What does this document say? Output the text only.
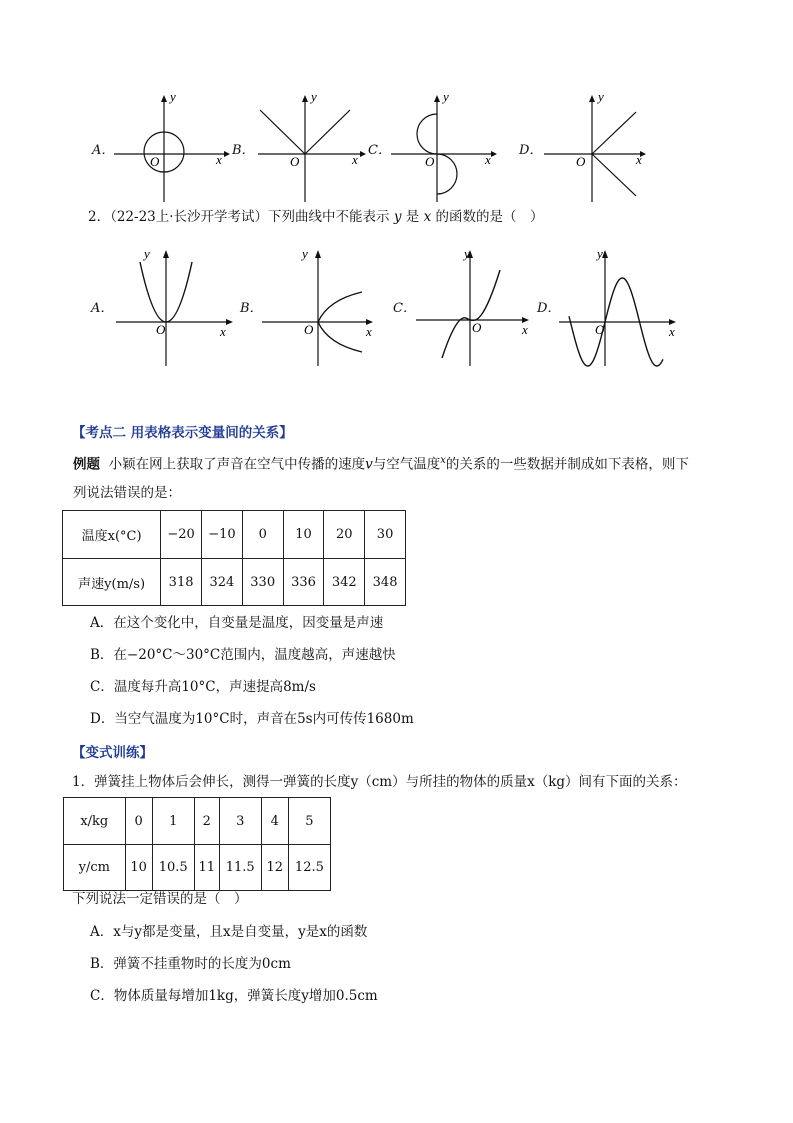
A．
y
x
O
B．
y
x
O
C．
y
x
O
D．
y
x
O
2．（22-23上·长沙开学考试）下列曲线中不能表示 y 是 x 的函数的是（　）
A．
y
x
O
B．
y
x
O
C．
y
x
O
D．
y
x
O
【考点二 用表格表示变量间的关系】
例题 小颖在网上获取了声音在空气中传播的速度v与空气温度$^x$的关系的一些数据并制成如下表格，则下
列说法错误的是：
温度x(°C)	−20	−10	0	10	20	30
声速y(m/s)	318	324	330	336	342	348
A．在这个变化中，自变量是温度，因变量是声速
B．在−20°C～30°C范围内，温度越高，声速越快
C．温度每升高10°C，声速提高8m/s
D．当空气温度为10°C时，声音在5s内可传传1680m
【变式训练】
1．弹簧挂上物体后会伸长，测得一弹簧的长度y（cm）与所挂的物体的质量x（kg）间有下面的关系：
x/kg	0	1	2	3	4	5
y/cm	10	10.5	11	11.5	12	12.5
下列说法一定错误的是（　）
A．x与y都是变量，且x是自变量，y是x的函数
B．弹簧不挂重物时的长度为0cm
C．物体质量每增加1kg，弹簧长度y增加0.5cm
